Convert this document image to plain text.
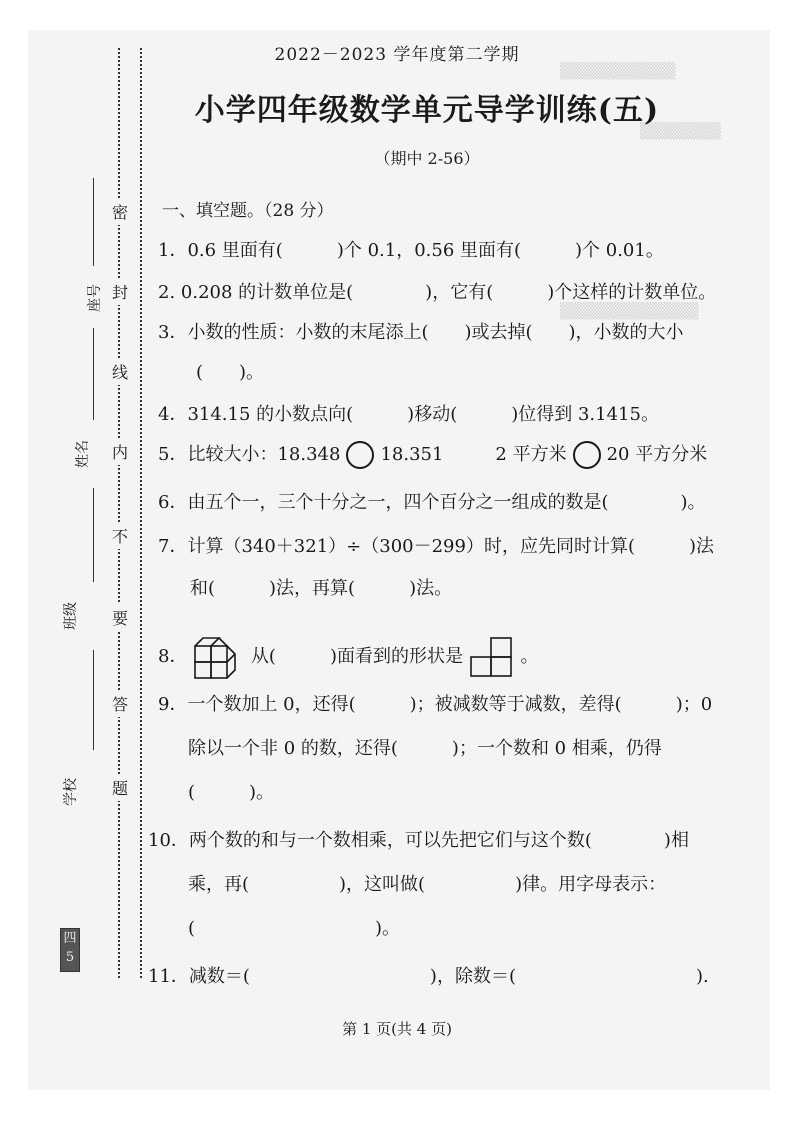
▒▒▒▒▒▒▒▒▒▒
▒▒▒▒▒▒▒
▒▒▒▒▒▒▒▒▒▒▒▒
密
封
线
内
不
要
答
题
座号
姓名
班级
学校
四 5
2022－2023 学年度第二学期
小学四年级数学单元导学训练(五)
（期中 2-56）
一、填空题。（28 分）
1．0.6 里面有(　　　)个 0.1，0.56 里面有(　　　)个 0.01。
2. 0.208 的计数单位是(　　　　)，它有(　　　)个这样的计数单位。
3．小数的性质：小数的末尾添上(　　)或去掉(　　)，小数的大小
(　　)。
4．314.15 的小数点向(　　　)移动(　　　)位得到 3.1415。
5．比较大小：18.348 18.351	2 平方米 20 平方分米
6．由五个一，三个十分之一，四个百分之一组成的数是(　　　　)。
7．计算（340＋321）÷（300－299）时，应先同时计算(　　　)法
和(　　　)法，再算(　　　)法。
8．	从(　　　)面看到的形状是	。
9．一个数加上 0，还得(　　　)；被减数等于减数，差得(　　　)；0
除以一个非 0 的数，还得(　　　)；一个数和 0 相乘，仍得
(　　　)。
10．两个数的和与一个数相乘，可以先把它们与这个数(　　　　)相
乘，再(　　　　　)，这叫做(　　　　　)律。用字母表示：
(　　　　　　　　　　)。
11．减数＝(　　　　　　　　　　)，除数＝(　　　　　　　　　　).
第 1 页(共 4 页)
